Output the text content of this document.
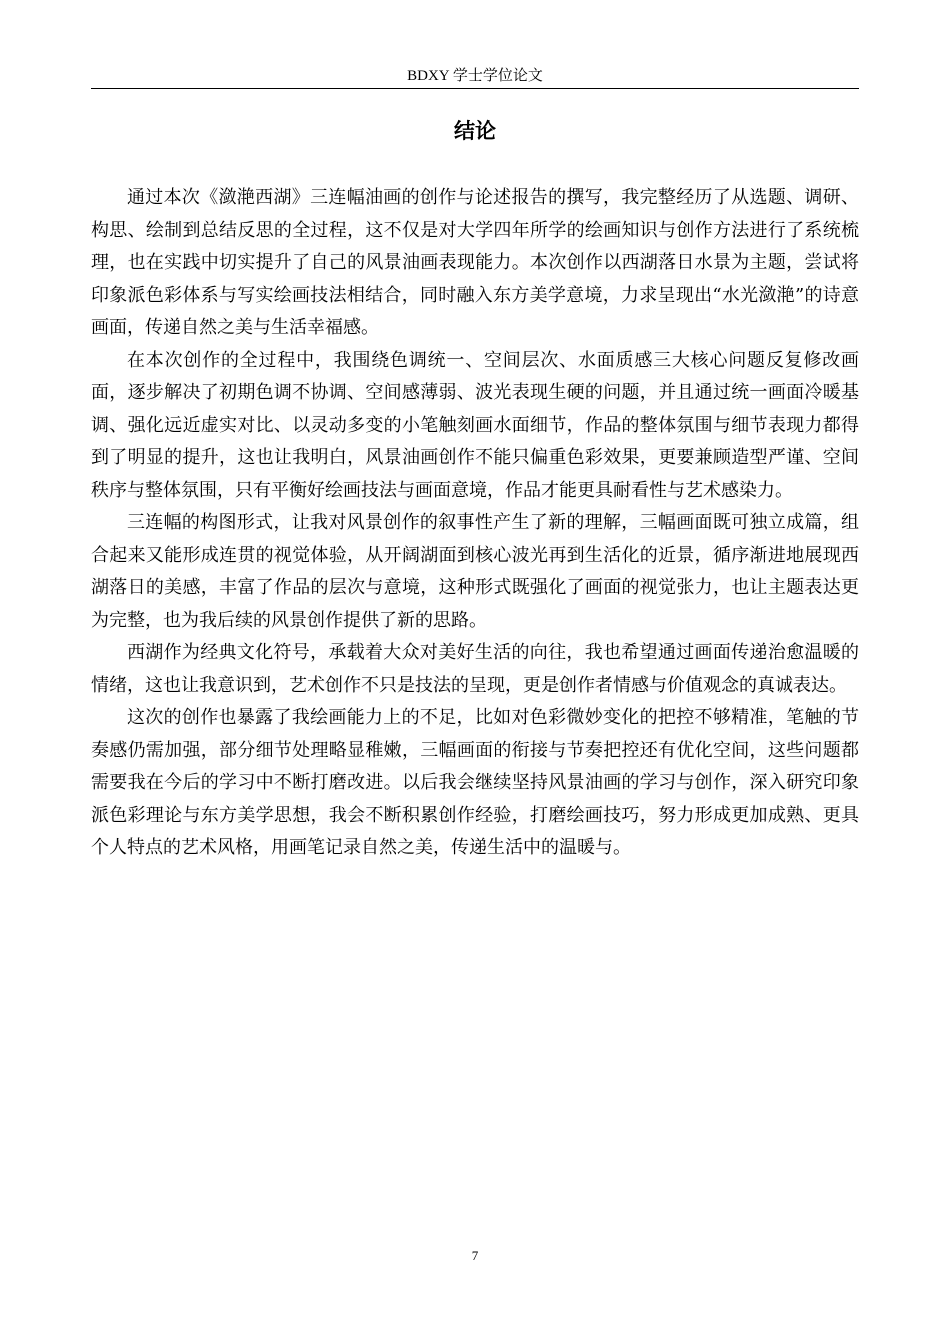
BDXY 学士学位论文
结论

通过本次《潋滟西湖》三连幅油画的创作与论述报告的撰写，我完整经历了从选题、调研、构思、绘制到总结反思的全过程，这不仅是对大学四年所学的绘画知识与创作方法进行了系统梳理，也在实践中切实提升了自己的风景油画表现能力。本次创作以西湖落日水景为主题，尝试将印象派色彩体系与写实绘画技法相结合，同时融入东方美学意境，力求呈现出“水光潋滟”的诗意画面，传递自然之美与生活幸福感。

在本次创作的全过程中，我围绕色调统一、空间层次、水面质感三大核心问题反复修改画面，逐步解决了初期色调不协调、空间感薄弱、波光表现生硬的问题，并且通过统一画面冷暖基调、强化远近虚实对比、以灵动多变的小笔触刻画水面细节，作品的整体氛围与细节表现力都得到了明显的提升，这也让我明白，风景油画创作不能只偏重色彩效果，更要兼顾造型严谨、空间秩序与整体氛围，只有平衡好绘画技法与画面意境，作品才能更具耐看性与艺术感染力。

三连幅的构图形式，让我对风景创作的叙事性产生了新的理解，三幅画面既可独立成篇，组合起来又能形成连贯的视觉体验，从开阔湖面到核心波光再到生活化的近景，循序渐进地展现西湖落日的美感，丰富了作品的层次与意境，这种形式既强化了画面的视觉张力，也让主题表达更为完整，也为我后续的风景创作提供了新的思路。

西湖作为经典文化符号，承载着大众对美好生活的向往，我也希望通过画面传递治愈温暖的情绪，这也让我意识到，艺术创作不只是技法的呈现，更是创作者情感与价值观念的真诚表达。

这次的创作也暴露了我绘画能力上的不足，比如对色彩微妙变化的把控不够精准，笔触的节奏感仍需加强，部分细节处理略显稚嫩，三幅画面的衔接与节奏把控还有优化空间，这些问题都需要我在今后的学习中不断打磨改进。以后我会继续坚持风景油画的学习与创作，深入研究印象派色彩理论与东方美学思想，我会不断积累创作经验，打磨绘画技巧，努力形成更加成熟、更具个人特点的艺术风格，用画笔记录自然之美，传递生活中的温暖与。

7
